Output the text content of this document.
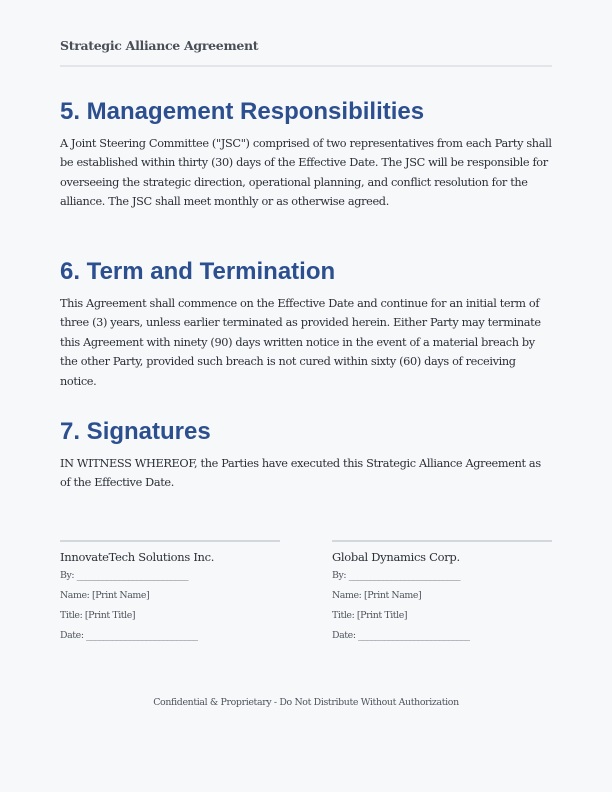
Strategic Alliance Agreement
5. Management Responsibilities

A Joint Steering Committee ("JSC") comprised of two representatives from each Party shall be established within thirty (30) days of the Effective Date. The JSC will be responsible for overseeing the strategic direction, operational planning, and conflict resolution for the alliance. The JSC shall meet monthly or as otherwise agreed.

6. Term and Termination

This Agreement shall commence on the Effective Date and continue for an initial term of three (3) years, unless earlier terminated as provided herein. Either Party may terminate this Agreement with ninety (90) days written notice in the event of a material breach by the other Party, provided such breach is not cured within sixty (60) days of receiving notice.

7. Signatures

IN WITNESS WHEREOF, the Parties have executed this Strategic Alliance Agreement as of the Effective Date.

InnovateTech Solutions Inc.
By: __________________________
Name: [Print Name]
Title: [Print Title]
Date: __________________________
Global Dynamics Corp.
By: __________________________
Name: [Print Name]
Title: [Print Title]
Date: __________________________
Confidential & Proprietary - Do Not Distribute Without Authorization
